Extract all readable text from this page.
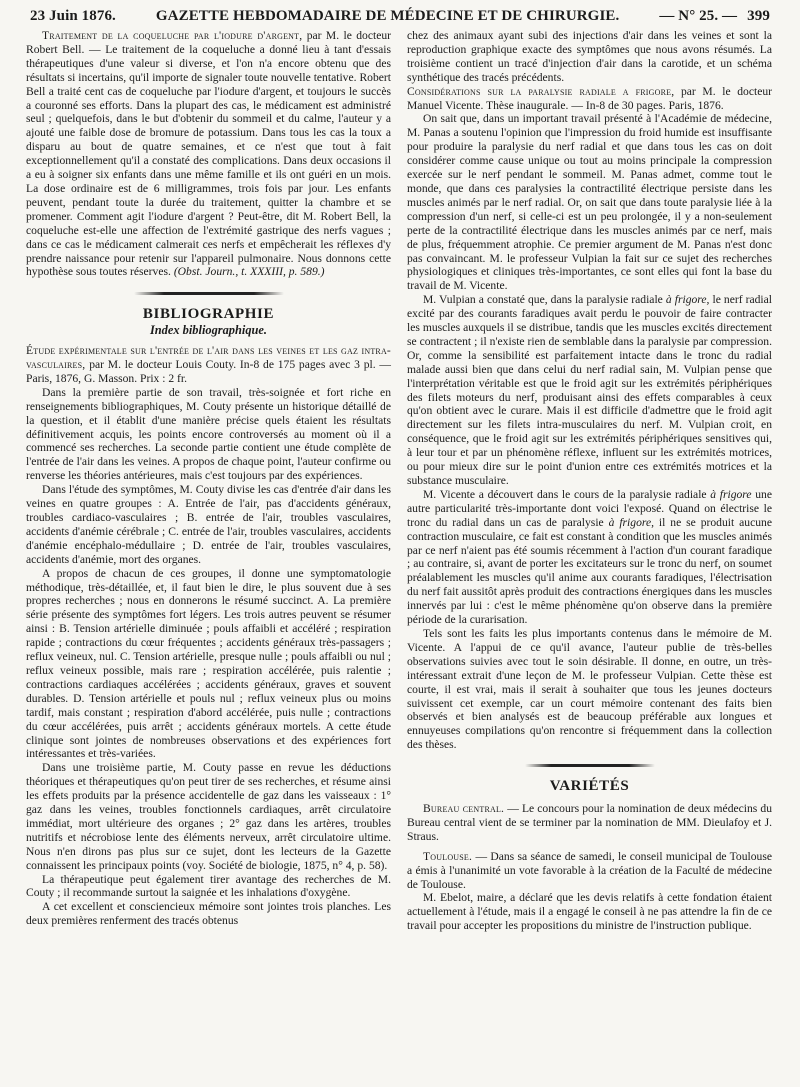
23 Juin 1876.	GAZETTE HEBDOMADAIRE DE MÉDECINE ET DE CHIRURGIE.	— N° 25. — 399

Traitement de la coqueluche par l'iodure d'argent, par M. le docteur Robert Bell. — Le traitement de la coqueluche a donné lieu à tant d'essais thérapeutiques d'une valeur si diverse, et l'on n'a encore obtenu que des résultats si incertains, qu'il importe de signaler toute nouvelle tentative. Robert Bell a traité cent cas de coqueluche par l'iodure d'argent, et toujours le succès a couronné ses efforts. Dans la plupart des cas, le médicament est administré seul ; quelquefois, dans le but d'obtenir du sommeil et du calme, l'auteur y a ajouté une faible dose de bromure de potassium. Dans tous les cas la toux a disparu au bout de quatre semaines, et ce n'est que tout à fait exceptionnellement qu'il a constaté des complications. Dans deux occasions il a eu à soigner six enfants dans une même famille et ils ont guéri en un mois. La dose ordinaire est de 6 milligrammes, trois fois par jour. Les enfants peuvent, pendant toute la durée du traitement, quitter la chambre et se promener. Comment agit l'iodure d'argent ? Peut-être, dit M. Robert Bell, la coqueluche est-elle une affection de l'extrémité gastrique des nerfs vagues ; dans ce cas le médicament calmerait ces nerfs et empêcherait les réflexes d'y prendre naissance pour retenir sur l'appareil pulmonaire. Nous donnons cette hypothèse sous toutes réserves. (Obst. Journ., t. XXXIII, p. 589.)

BIBLIOGRAPHIE
Index bibliographique.

Étude expérimentale sur l'entrée de l'air dans les veines et les gaz intra-vasculaires, par M. le docteur Louis Couty. In-8 de 175 pages avec 3 pl. — Paris, 1876, G. Masson. Prix : 2 fr.

Dans la première partie de son travail, très-soignée et fort riche en renseignements bibliographiques, M. Couty présente un historique détaillé de la question, et il établit d'une manière précise quels étaient les résultats définitivement acquis, les points encore controversés au moment où il a commencé ses recherches. La seconde partie contient une étude complète de l'entrée de l'air dans les veines. A propos de chaque point, l'auteur confirme ou renverse les théories antérieures, mais c'est toujours par des expériences.

Dans l'étude des symptômes, M. Couty divise les cas d'entrée d'air dans les veines en quatre groupes : A. Entrée de l'air, pas d'accidents généraux, troubles cardiaco-vasculaires ; B. entrée de l'air, troubles vasculaires, accidents d'anémie cérébrale ; C. entrée de l'air, troubles vasculaires, accidents d'anémie encéphalo-médullaire ; D. entrée de l'air, troubles vasculaires, accidents d'anémie, mort des organes.

A propos de chacun de ces groupes, il donne une symptomatologie méthodique, très-détaillée, et, il faut bien le dire, le plus souvent due à ses propres recherches ; nous en donnerons le résumé succinct. A. La première série présente des symptômes fort légers. Les trois autres peuvent se résumer ainsi : B. Tension artérielle diminuée ; pouls affaibli et accéléré ; respiration rapide ; contractions du cœur fréquentes ; accidents généraux très-passagers ; reflux veineux, nul. C. Tension artérielle, presque nulle ; pouls affaibli ou nul ; reflux veineux possible, mais rare ; respiration accélérée, puis ralentie ; contractions cardiaques accélérées ; accidents généraux, graves et souvent durables. D. Tension artérielle et pouls nul ; reflux veineux plus ou moins tardif, mais constant ; respiration d'abord accélérée, puis nulle ; contractions du cœur accélérées, puis arrêt ; accidents généraux mortels. A cette étude clinique sont jointes de nombreuses observations et des expériences fort intéressantes et très-variées.

Dans une troisième partie, M. Couty passe en revue les déductions théoriques et thérapeutiques qu'on peut tirer de ses recherches, et résume ainsi les effets produits par la présence accidentelle de gaz dans les vaisseaux : 1° gaz dans les veines, troubles fonctionnels cardiaques, arrêt circulatoire immédiat, mort ultérieure des organes ; 2° gaz dans les artères, troubles nutritifs et nécrobiose lente des éléments nerveux, arrêt circulatoire ultime. Nous n'en dirons pas plus sur ce sujet, dont les lecteurs de la Gazette connaissent les principaux points (voy. Société de biologie, 1875, n° 4, p. 58).

La thérapeutique peut également tirer avantage des recherches de M. Couty ; il recommande surtout la saignée et les inhalations d'oxygène.

A cet excellent et consciencieux mémoire sont jointes trois planches. Les deux premières renferment des tracés obtenus

chez des animaux ayant subi des injections d'air dans les veines et sont la reproduction graphique exacte des symptômes que nous avons résumés. La troisième contient un tracé d'injection d'air dans la carotide, et un schéma synthétique des tracés précédents.

Considérations sur la paralysie radiale a frigore, par M. le docteur Manuel Vicente. Thèse inaugurale. — In-8 de 30 pages. Paris, 1876.

On sait que, dans un important travail présenté à l'Académie de médecine, M. Panas a soutenu l'opinion que l'impression du froid humide est insuffisante pour produire la paralysie du nerf radial et que dans tous les cas on doit considérer comme cause unique ou tout au moins principale la compression exercée sur le nerf pendant le sommeil. M. Panas admet, comme tout le monde, que dans ces paralysies la contractilité électrique persiste dans les muscles animés par le nerf radial. Or, on sait que dans toute paralysie liée à la compression d'un nerf, si celle-ci est un peu prolongée, il y a non-seulement perte de la contractilité électrique dans les muscles animés par ce nerf, mais de plus, fréquemment atrophie. Ce premier argument de M. Panas n'est donc pas convaincant. M. le professeur Vulpian la fait sur ce sujet des recherches physiologiques et cliniques très-importantes, ce sont elles qui font la base du travail de M. Vicente.

M. Vulpian a constaté que, dans la paralysie radiale à frigore, le nerf radial excité par des courants faradiques avait perdu le pouvoir de faire contracter les muscles auxquels il se distribue, tandis que les muscles excités directement se contractent ; il n'existe rien de semblable dans la paralysie par compression. Or, comme la sensibilité est parfaitement intacte dans le tronc du radial malade aussi bien que dans celui du nerf radial sain, M. Vulpian pense que l'interprétation véritable est que le froid agit sur les extrémités périphériques des filets moteurs du nerf, produisant ainsi des effets comparables à ceux qu'on obtient avec le curare. Mais il est difficile d'admettre que le froid agit directement sur les filets intra-musculaires du nerf. M. Vulpian croit, en conséquence, que le froid agit sur les extrémités périphériques sensitives qui, à leur tour et par un phénomène réflexe, influent sur les extrémités motrices, ou pour mieux dire sur le point d'union entre ces extrémités motrices et la substance musculaire.

M. Vicente a découvert dans le cours de la paralysie radiale à frigore une autre particularité très-importante dont voici l'exposé. Quand on électrise le tronc du radial dans un cas de paralysie à frigore, il ne se produit aucune contraction musculaire, ce fait est constant à condition que les muscles animés par ce nerf n'aient pas été soumis récemment à l'action d'un courant faradique ; au contraire, si, avant de porter les excitateurs sur le tronc du nerf, on soumet préalablement les muscles qu'il anime aux courants faradiques, l'électrisation du nerf fait aussitôt après produit des contractions énergiques dans les muscles innervés par lui : c'est le même phénomène qu'on observe dans la première période de la curarisation.

Tels sont les faits les plus importants contenus dans le mémoire de M. Vicente. A l'appui de ce qu'il avance, l'auteur publie de très-belles observations suivies avec tout le soin désirable. Il donne, en outre, un très-intéressant extrait d'une leçon de M. le professeur Vulpian. Cette thèse est courte, il est vrai, mais il serait à souhaiter que tous les jeunes docteurs suivissent cet exemple, car un court mémoire contenant des faits bien observés et bien analysés est de beaucoup préférable aux longues et ennuyeuses compilations qu'on rencontre si fréquemment dans la collection des thèses.

VARIÉTÉS

Bureau central. — Le concours pour la nomination de deux médecins du Bureau central vient de se terminer par la nomination de MM. Dieulafoy et J. Straus.

Toulouse. — Dans sa séance de samedi, le conseil municipal de Toulouse a émis à l'unanimité un vote favorable à la création de la Faculté de médecine de Toulouse.

M. Ebelot, maire, a déclaré que les devis relatifs à cette fondation étaient actuellement à l'étude, mais il a engagé le conseil à ne pas attendre la fin de ce travail pour accepter les propositions du ministre de l'instruction publique.
